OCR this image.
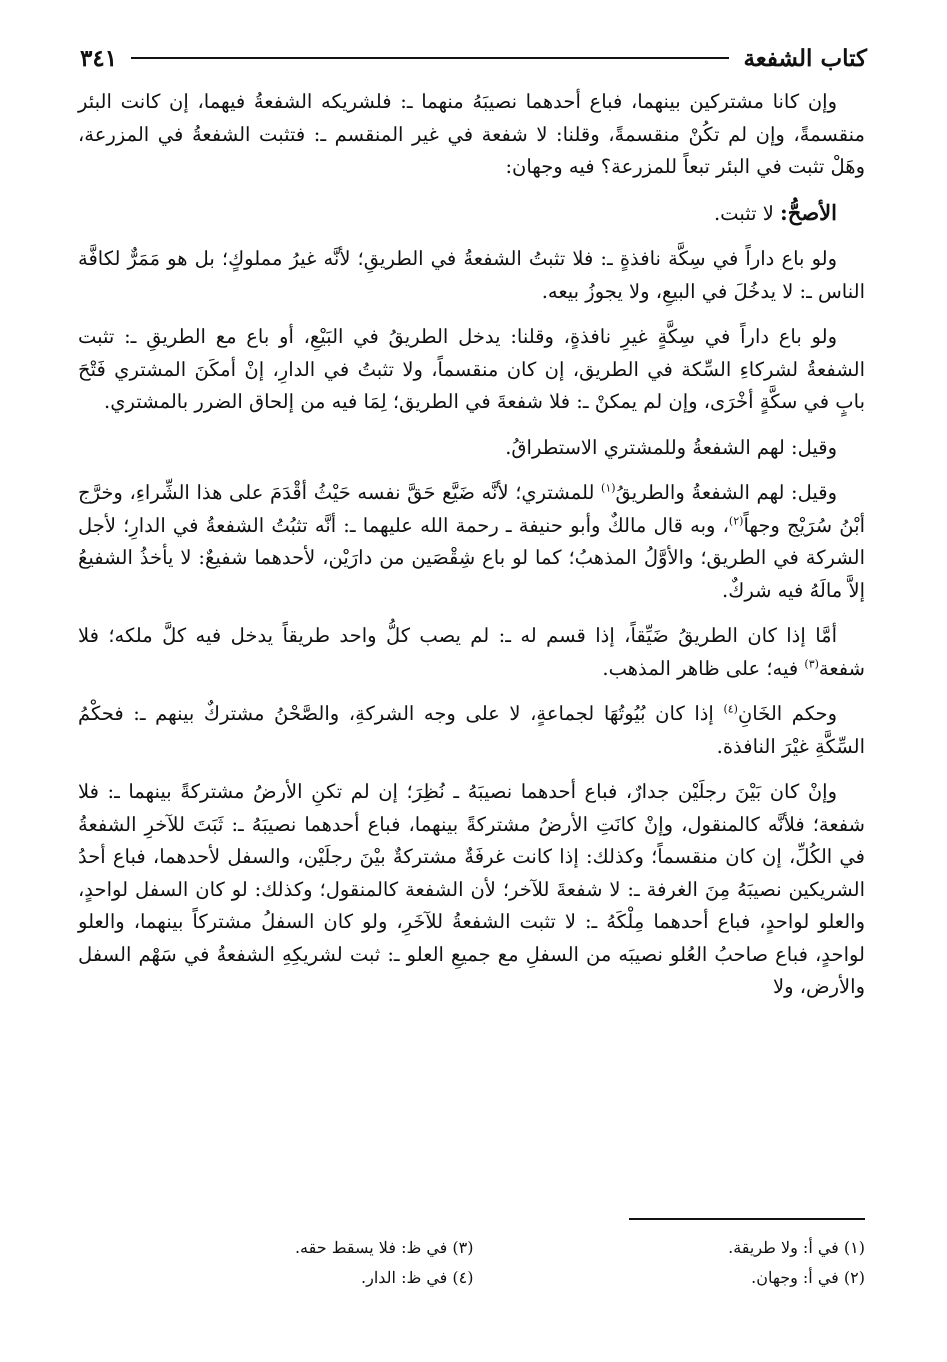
كتاب الشفعة
٣٤١

وإن كانا مشتركين بينهما، فباع أحدهما نصيبَهُ منهما ـ: فلشريكه الشفعةُ فيهما، إن كانت البئر منقسمةً، وإن لم تكُنْ منقسمةً، وقلنا: لا شفعة في غير المنقسم ـ: فتثبت الشفعةُ في المزرعة، وهَلْ تثبت في البئر تبعاً للمزرعة؟ فيه وجهان:

الأصحُّ: لا تثبت.

ولو باع داراً في سِكَّة نافذةٍ ـ: فلا تثبتُ الشفعةُ في الطريقِ؛ لأنَّه غيرُ مملوكٍ؛ بل هو مَمَرٌّ لكافَّة الناس ـ: لا يدخُلَ في البيعِ، ولا يجوزُ بيعه.

ولو باع داراً في سِكَّةٍ غيرِ نافذةٍ، وقلنا: يدخل الطريقُ في البَيْعِ، أو باع مع الطريقِ ـ: تثبت الشفعةُ لشركاءِ السِّكة في الطريق، إن كان منقسماً، ولا تثبتُ في الدارِ، إنْ أمكَنَ المشتري فَتْحَ بابٍ في سكَّةٍ أخْرَى، وإن لم يمكنْ ـ: فلا شفعةَ في الطريق؛ لِمَا فيه من إلحاق الضرر بالمشتري.

وقيل: لهم الشفعةُ وللمشتري الاستطراقُ.

وقيل: لهم الشفعةُ والطريقُ$^{(١)}$ للمشتري؛ لأنَّه ضَيَّع حَقَّ نفسه حَيْثُ أقْدَمَ على هذا الشِّراءِ، وخرَّج أبْنُ سُرَيْج وجهاً$^{(٢)}$، وبه قال مالكٌ وأبو حنيفة ـ رحمة الله عليهما ـ: أنَّه تثبُتُ الشفعةُ في الدارِ؛ لأجل الشركة في الطريق؛ والأوَّلُ المذهبُ؛ كما لو باع شِقْصَين من دارَيْن، لأحدهما شفيعٌ: لا يأخذُ الشفيعُ إلاَّ مالَهُ فيه شركٌ.

أمَّا إذا كان الطريقُ ضَيِّقاً، إذا قسم له ـ: لم يصب كلُّ واحد طريقاً يدخل فيه كلَّ ملكه؛ فلا شفعة$^{(٣)}$ فيه؛ على ظاهر المذهب.

وحكم الخَانِ$^{(٤)}$ إذا كان بُيُوتُهَا لجماعةٍ، لا على وجه الشركةِ، والصَّحْنُ مشتركٌ بينهم ـ: فحكْمُ السِّكَّةِ غيْرَ النافذة.

وإنْ كان بَيْنَ رجلَيْن جدارٌ، فباع أحدهما نصيبَهُ ـ نُظِرَ؛ إن لم تكنِ الأرضُ مشتركةً بينهما ـ: فلا شفعة؛ فلأنَّه كالمنقول، وإنْ كانَتِ الأرضُ مشتركةً بينهما، فباع أحدهما نصيبَهُ ـ: ثَبَتَ للآخرِ الشفعةُ في الكُلِّ، إن كان منقسماً؛ وكذلك: إذا كانت غرفَةٌ مشتركةٌ بيْنَ رجلَيْن، والسفل لأحدهما، فباع أحدُ الشريكين نصيبَهُ مِنَ الغرفة ـ: لا شفعةَ للآخر؛ لأن الشفعة كالمنقول؛ وكذلك: لو كان السفل لواحدٍ، والعلو لواحدٍ، فباع أحدهما مِلْكَهُ ـ: لا تثبت الشفعةُ للآخَرِ، ولو كان السفلُ مشتركاً بينهما، والعلو لواحدٍ، فباع صاحبُ العُلو نصيبَه من السفلِ مع جميعِ العلو ـ: ثبت لشريكِهِ الشفعةُ في سَهْم السفل والأرض، ولا

(١) في أ: ولا طريقة.
(٢) في أ: وجهان.
(٣) في ظ: فلا يسقط حقه.
(٤) في ظ: الدار.
